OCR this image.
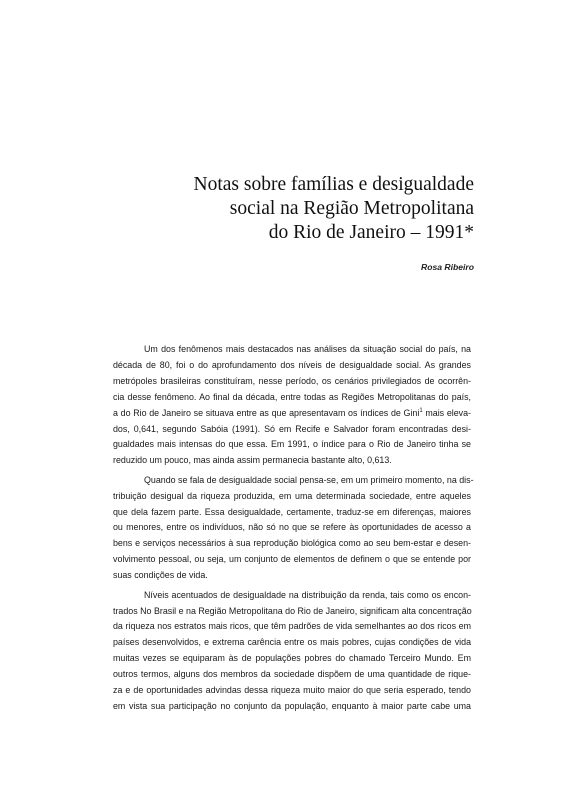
Notas sobre famílias e desigualdade
social na Região Metropolitana
do Rio de Janeiro – 1991*

Rosa Ribeiro

Um dos fenômenos mais destacados nas análises da situação social do país, na
década de 80, foi o do aprofundamento dos níveis de desigualdade social. As grandes
metrópoles brasileiras constituíram, nesse período, os cenários privilegiados de ocorrên-
cia desse fenômeno. Ao final da década, entre todas as Regiões Metropolitanas do país,
a do Rio de Janeiro se situava entre as que apresentavam os índices de Gini$^1$ mais eleva-
dos, 0,641, segundo Sabóia (1991). Só em Recife e Salvador foram encontradas desi-
gualdades mais intensas do que essa. Em 1991, o índice para o Rio de Janeiro tinha se
reduzido um pouco, mas ainda assim permanecia bastante alto, 0,613.
Quando se fala de desigualdade social pensa-se, em um primeiro momento, na dis-
tribuição desigual da riqueza produzida, em uma determinada sociedade, entre aqueles
que dela fazem parte. Essa desigualdade, certamente, traduz-se em diferenças, maiores
ou menores, entre os indivíduos, não só no que se refere às oportunidades de acesso a
bens e serviços necessários à sua reprodução biológica como ao seu bem-estar e desen-
volvimento pessoal, ou seja, um conjunto de elementos de definem o que se entende por
suas condições de vida.
Níveis acentuados de desigualdade na distribuição da renda, tais como os encon-
trados No Brasil e na Região Metropolitana do Rio de Janeiro, significam alta concentração
da riqueza nos estratos mais ricos, que têm padrões de vida semelhantes ao dos ricos em
países desenvolvidos, e extrema carência entre os mais pobres, cujas condições de vida
muitas vezes se equiparam às de populações pobres do chamado Terceiro Mundo. Em
outros termos, alguns dos membros da sociedade dispõem de uma quantidade de rique-
za e de oportunidades advindas dessa riqueza muito maior do que seria esperado, tendo
em vista sua participação no conjunto da população, enquanto à maior parte cabe uma
